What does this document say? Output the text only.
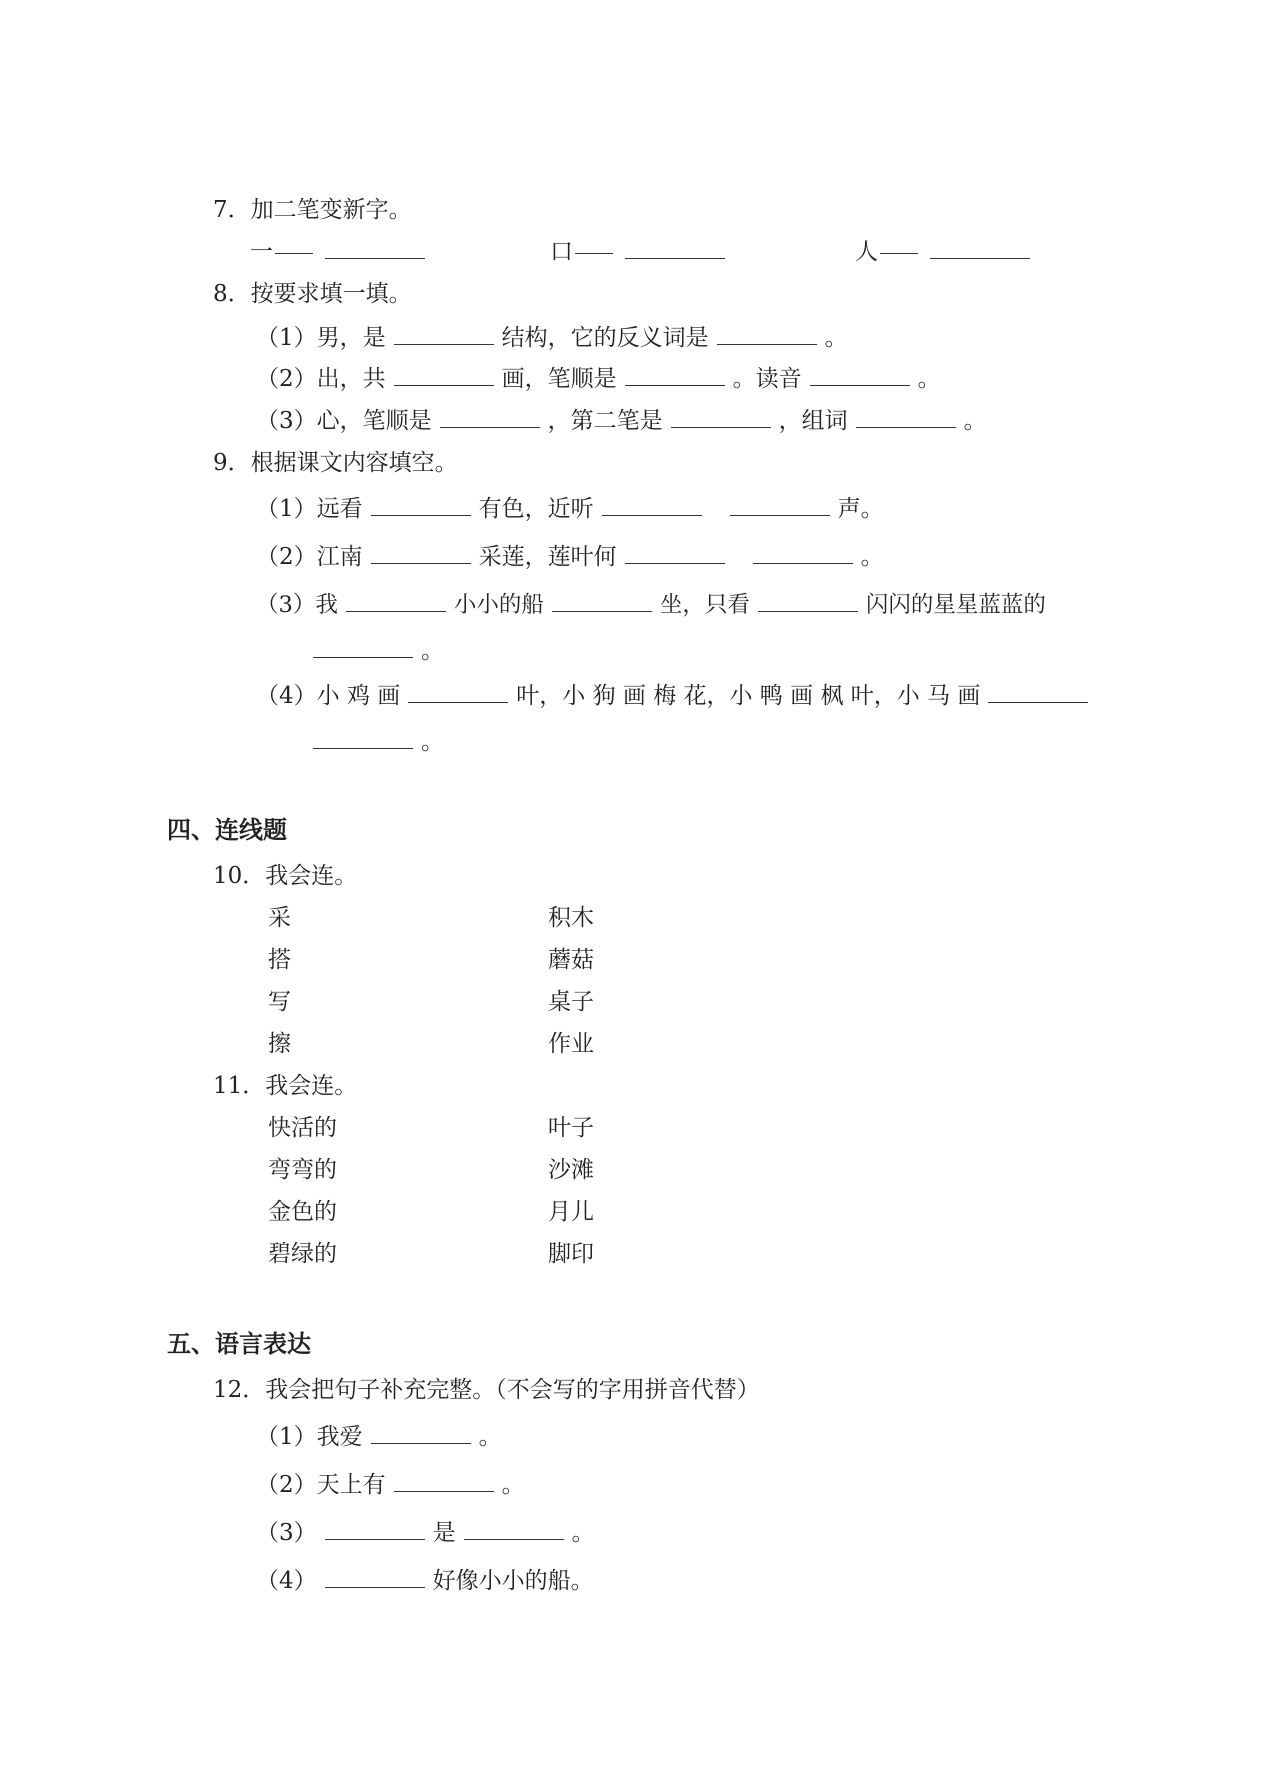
7．加二笔变新字。
一	口	人
8．按要求填一填。
（1）男，是	结构，它的反义词是	。
（2）出，共	画，笔顺是	。读音	。
（3）心，笔顺是	，第二笔是	，组词	。
9．根据课文内容填空。
（1）远看	有色，近听	声。
（2）江南	采莲，莲叶何	。
（3）我	小小的船	坐，只看	闪闪的星星蓝蓝的
。
（4）小 鸡 画	叶，小 狗 画 梅 花，小 鸭 画 枫 叶，小 马 画
。
四、连线题
10．我会连。
采	积木
搭	蘑菇
写	桌子
擦	作业
11．我会连。
快活的	叶子
弯弯的	沙滩
金色的	月儿
碧绿的	脚印
五、语言表达
12．我会把句子补充完整。（不会写的字用拼音代替）
（1）我爱	。
（2）天上有	。
（3）	是	。
（4）	好像小小的船。
